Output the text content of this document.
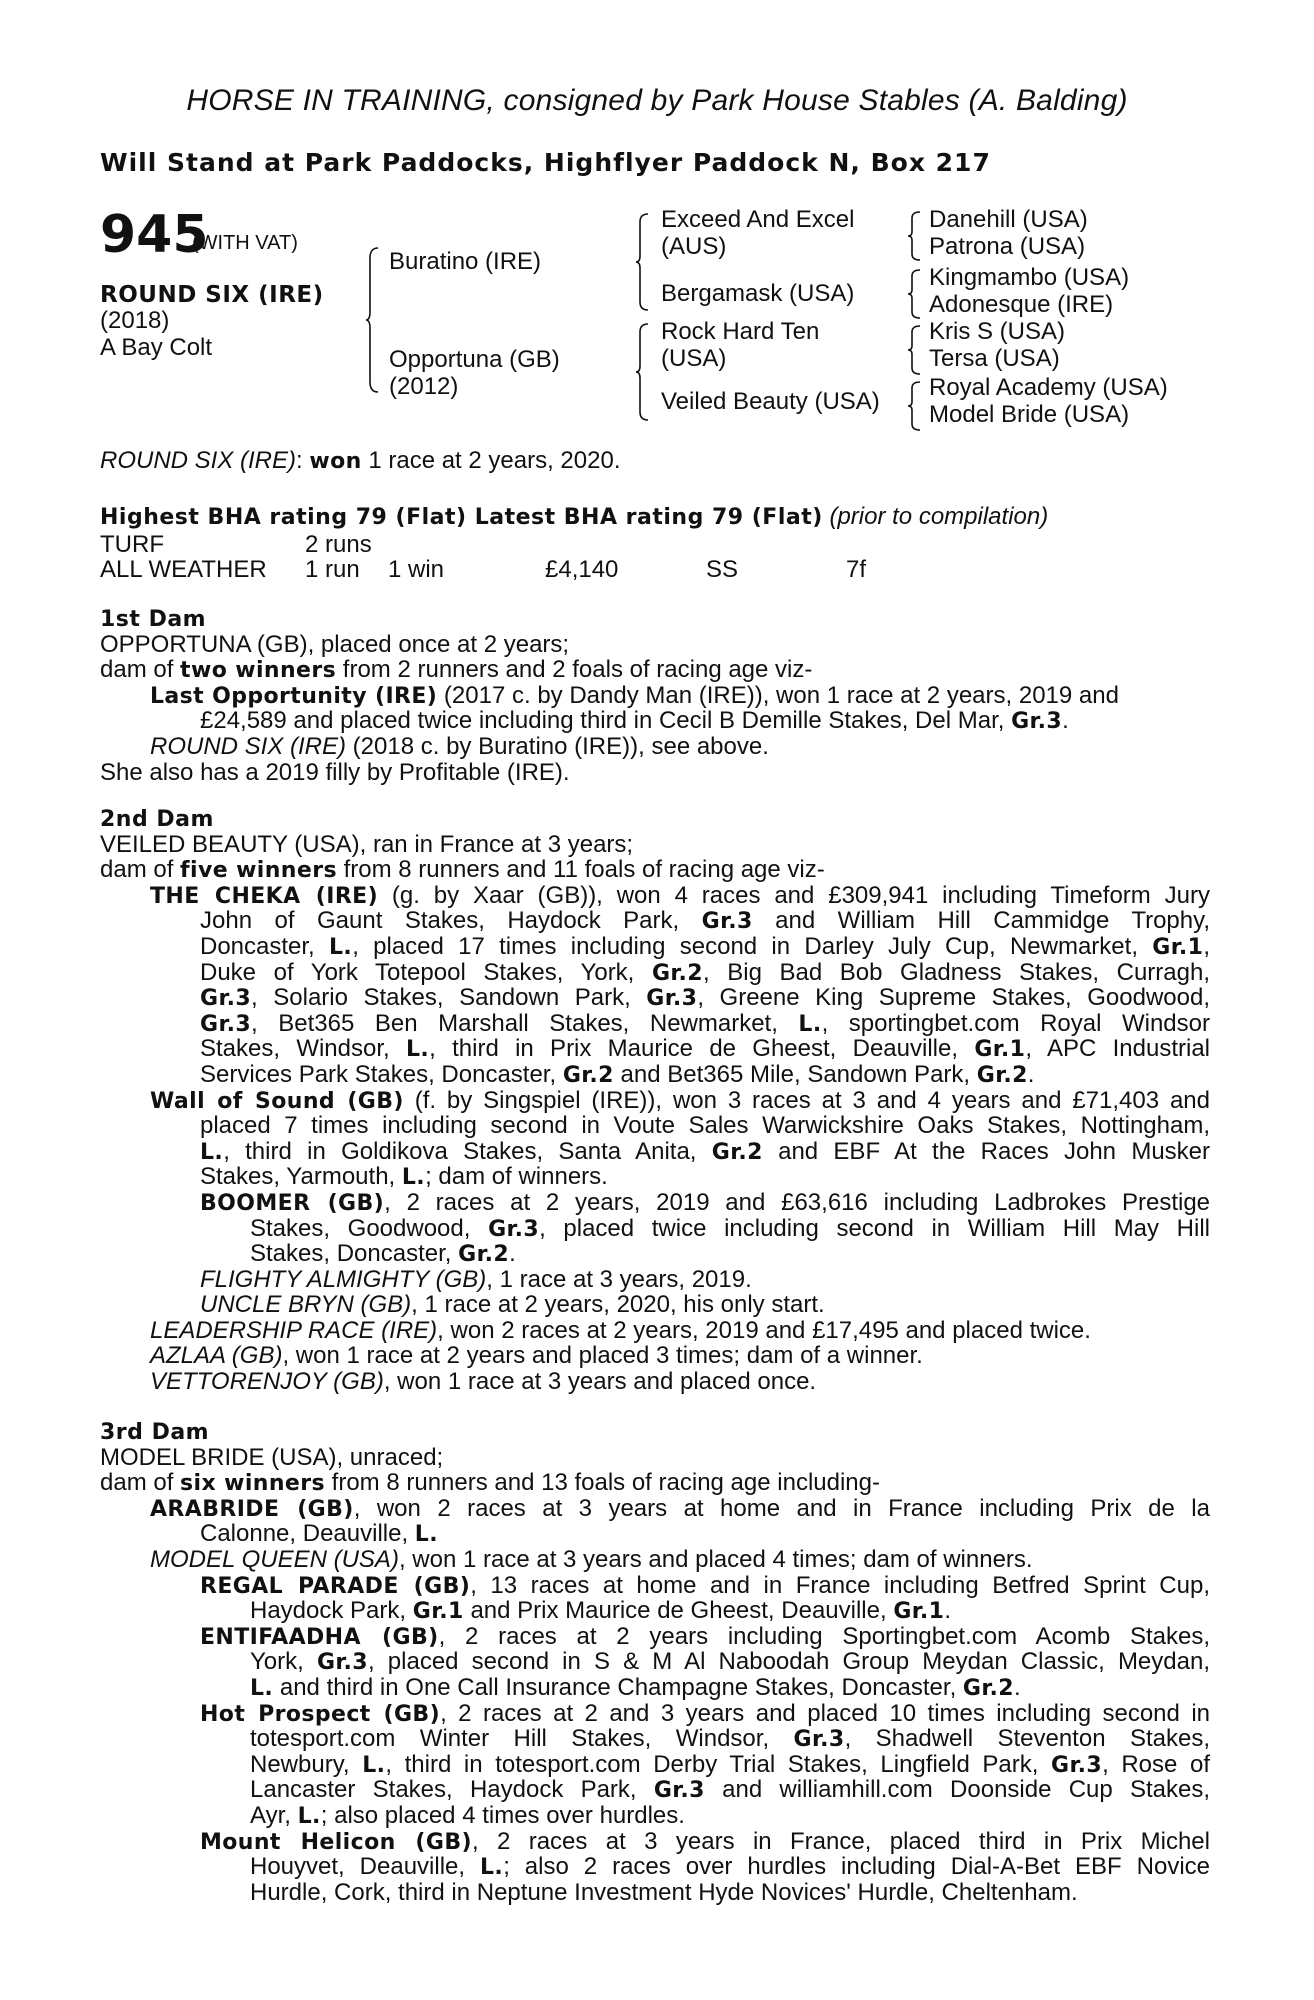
HORSE IN TRAINING, consigned by Park House Stables (A. Balding)
Will Stand at Park Paddocks, Highflyer Paddock N, Box 217
945
(WITH VAT)
ROUND SIX (IRE)
(2018)
A Bay Colt
Buratino (IRE)
Opportuna (GB)
(2012)
Exceed And Excel
(AUS)
Bergamask (USA)
Rock Hard Ten
(USA)
Veiled Beauty (USA)
Danehill (USA)
Patrona (USA)
Kingmambo (USA)
Adonesque (IRE)
Kris S (USA)
Tersa (USA)
Royal Academy (USA)
Model Bride (USA)
ROUND SIX (IRE): won 1 race at 2 years, 2020.
Highest BHA rating 79 (Flat) Latest BHA rating 79 (Flat) (prior to compilation)
TURF	2 runs
ALL WEATHER 1 run 1 win	£4,140	SS	7f
1st Dam
OPPORTUNA (GB), placed once at 2 years;
dam of two winners from 2 runners and 2 foals of racing age viz-
Last Opportunity (IRE) (2017 c. by Dandy Man (IRE)), won 1 race at 2 years, 2019 and
£24,589 and placed twice including third in Cecil B Demille Stakes, Del Mar, Gr.3.
ROUND SIX (IRE) (2018 c. by Buratino (IRE)), see above.
She also has a 2019 filly by Profitable (IRE).
2nd Dam
VEILED BEAUTY (USA), ran in France at 3 years;
dam of five winners from 8 runners and 11 foals of racing age viz-
THE CHEKA (IRE) (g. by Xaar (GB)), won 4 races and £309,941 including Timeform Jury
John of Gaunt Stakes, Haydock Park, Gr.3 and William Hill Cammidge Trophy,
Doncaster, L., placed 17 times including second in Darley July Cup, Newmarket, Gr.1,
Duke of York Totepool Stakes, York, Gr.2, Big Bad Bob Gladness Stakes, Curragh,
Gr.3, Solario Stakes, Sandown Park, Gr.3, Greene King Supreme Stakes, Goodwood,
Gr.3, Bet365 Ben Marshall Stakes, Newmarket, L., sportingbet.com Royal Windsor
Stakes, Windsor, L., third in Prix Maurice de Gheest, Deauville, Gr.1, APC Industrial
Services Park Stakes, Doncaster, Gr.2 and Bet365 Mile, Sandown Park, Gr.2.
Wall of Sound (GB) (f. by Singspiel (IRE)), won 3 races at 3 and 4 years and £71,403 and
placed 7 times including second in Voute Sales Warwickshire Oaks Stakes, Nottingham,
L., third in Goldikova Stakes, Santa Anita, Gr.2 and EBF At the Races John Musker
Stakes, Yarmouth, L.; dam of winners.
BOOMER (GB), 2 races at 2 years, 2019 and £63,616 including Ladbrokes Prestige
Stakes, Goodwood, Gr.3, placed twice including second in William Hill May Hill
Stakes, Doncaster, Gr.2.
FLIGHTY ALMIGHTY (GB), 1 race at 3 years, 2019.
UNCLE BRYN (GB), 1 race at 2 years, 2020, his only start.
LEADERSHIP RACE (IRE), won 2 races at 2 years, 2019 and £17,495 and placed twice.
AZLAA (GB), won 1 race at 2 years and placed 3 times; dam of a winner.
VETTORENJOY (GB), won 1 race at 3 years and placed once.
3rd Dam
MODEL BRIDE (USA), unraced;
dam of six winners from 8 runners and 13 foals of racing age including-
ARABRIDE (GB), won 2 races at 3 years at home and in France including Prix de la
Calonne, Deauville, L.
MODEL QUEEN (USA), won 1 race at 3 years and placed 4 times; dam of winners.
REGAL PARADE (GB), 13 races at home and in France including Betfred Sprint Cup,
Haydock Park, Gr.1 and Prix Maurice de Gheest, Deauville, Gr.1.
ENTIFAADHA (GB), 2 races at 2 years including Sportingbet.com Acomb Stakes,
York, Gr.3, placed second in S & M Al Naboodah Group Meydan Classic, Meydan,
L. and third in One Call Insurance Champagne Stakes, Doncaster, Gr.2.
Hot Prospect (GB), 2 races at 2 and 3 years and placed 10 times including second in
totesport.com Winter Hill Stakes, Windsor, Gr.3, Shadwell Steventon Stakes,
Newbury, L., third in totesport.com Derby Trial Stakes, Lingfield Park, Gr.3, Rose of
Lancaster Stakes, Haydock Park, Gr.3 and williamhill.com Doonside Cup Stakes,
Ayr, L.; also placed 4 times over hurdles.
Mount Helicon (GB), 2 races at 3 years in France, placed third in Prix Michel
Houyvet, Deauville, L.; also 2 races over hurdles including Dial-A-Bet EBF Novice
Hurdle, Cork, third in Neptune Investment Hyde Novices' Hurdle, Cheltenham.
